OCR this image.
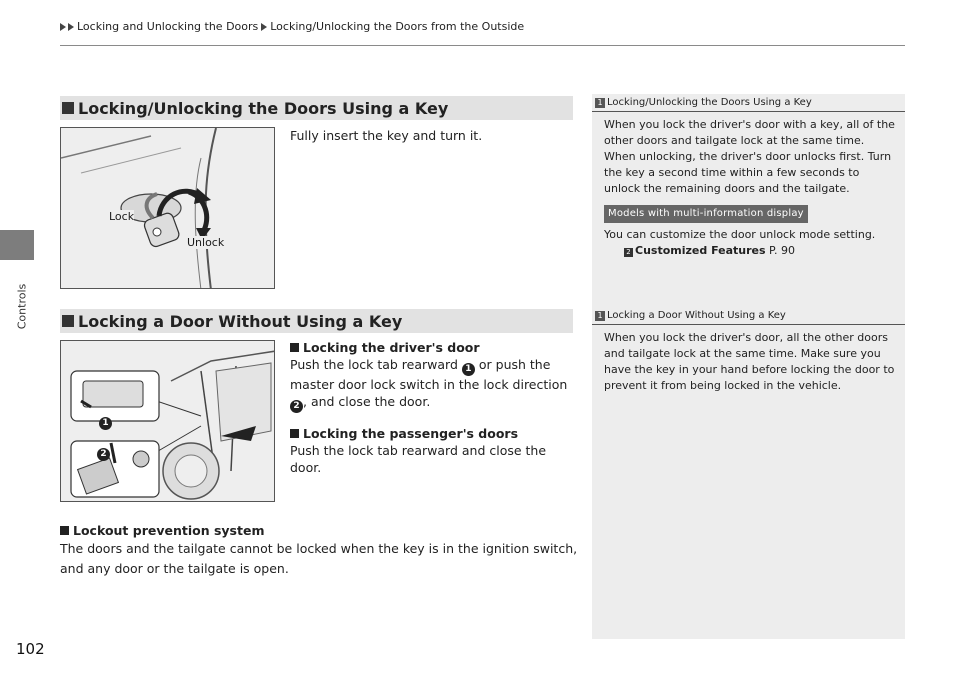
Locking and Unlocking the Doors Locking/Unlocking the Doors from the Outside
Controls
102
Locking/Unlocking the Doors Using a Key
Lock
Unlock
Fully insert the key and turn it.
Locking a Door Without Using a Key
1
2
Locking the driver's door
Push the lock tab rearward 1 or push the master door lock switch in the lock direction 2 , and close the door.
Locking the passenger's doors
Push the lock tab rearward and close the door.
Lockout prevention system
The doors and the tailgate cannot be locked when the key is in the ignition switch, and any door or the tailgate is open.
1 Locking/Unlocking the Doors Using a Key
When you lock the driver's door with a key, all of the other doors and tailgate lock at the same time. When unlocking, the driver's door unlocks first. Turn the key a second time within a few seconds to unlock the remaining doors and the tailgate.
Models with multi-information display
You can customize the door unlock mode setting.
2 Customized Features P. 90
1 Locking a Door Without Using a Key
When you lock the driver's door, all the other doors and tailgate lock at the same time. Make sure you have the key in your hand before locking the door to prevent it from being locked in the vehicle.
